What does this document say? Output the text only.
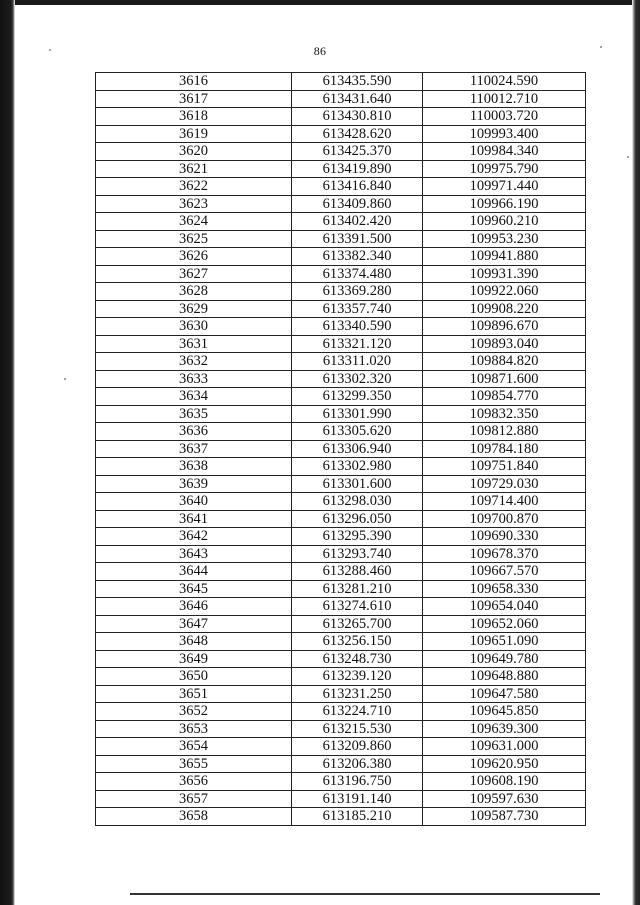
86
3616	613435.590	110024.590
3617	613431.640	110012.710
3618	613430.810	110003.720
3619	613428.620	109993.400
3620	613425.370	109984.340
3621	613419.890	109975.790
3622	613416.840	109971.440
3623	613409.860	109966.190
3624	613402.420	109960.210
3625	613391.500	109953.230
3626	613382.340	109941.880
3627	613374.480	109931.390
3628	613369.280	109922.060
3629	613357.740	109908.220
3630	613340.590	109896.670
3631	613321.120	109893.040
3632	613311.020	109884.820
3633	613302.320	109871.600
3634	613299.350	109854.770
3635	613301.990	109832.350
3636	613305.620	109812.880
3637	613306.940	109784.180
3638	613302.980	109751.840
3639	613301.600	109729.030
3640	613298.030	109714.400
3641	613296.050	109700.870
3642	613295.390	109690.330
3643	613293.740	109678.370
3644	613288.460	109667.570
3645	613281.210	109658.330
3646	613274.610	109654.040
3647	613265.700	109652.060
3648	613256.150	109651.090
3649	613248.730	109649.780
3650	613239.120	109648.880
3651	613231.250	109647.580
3652	613224.710	109645.850
3653	613215.530	109639.300
3654	613209.860	109631.000
3655	613206.380	109620.950
3656	613196.750	109608.190
3657	613191.140	109597.630
3658	613185.210	109587.730
